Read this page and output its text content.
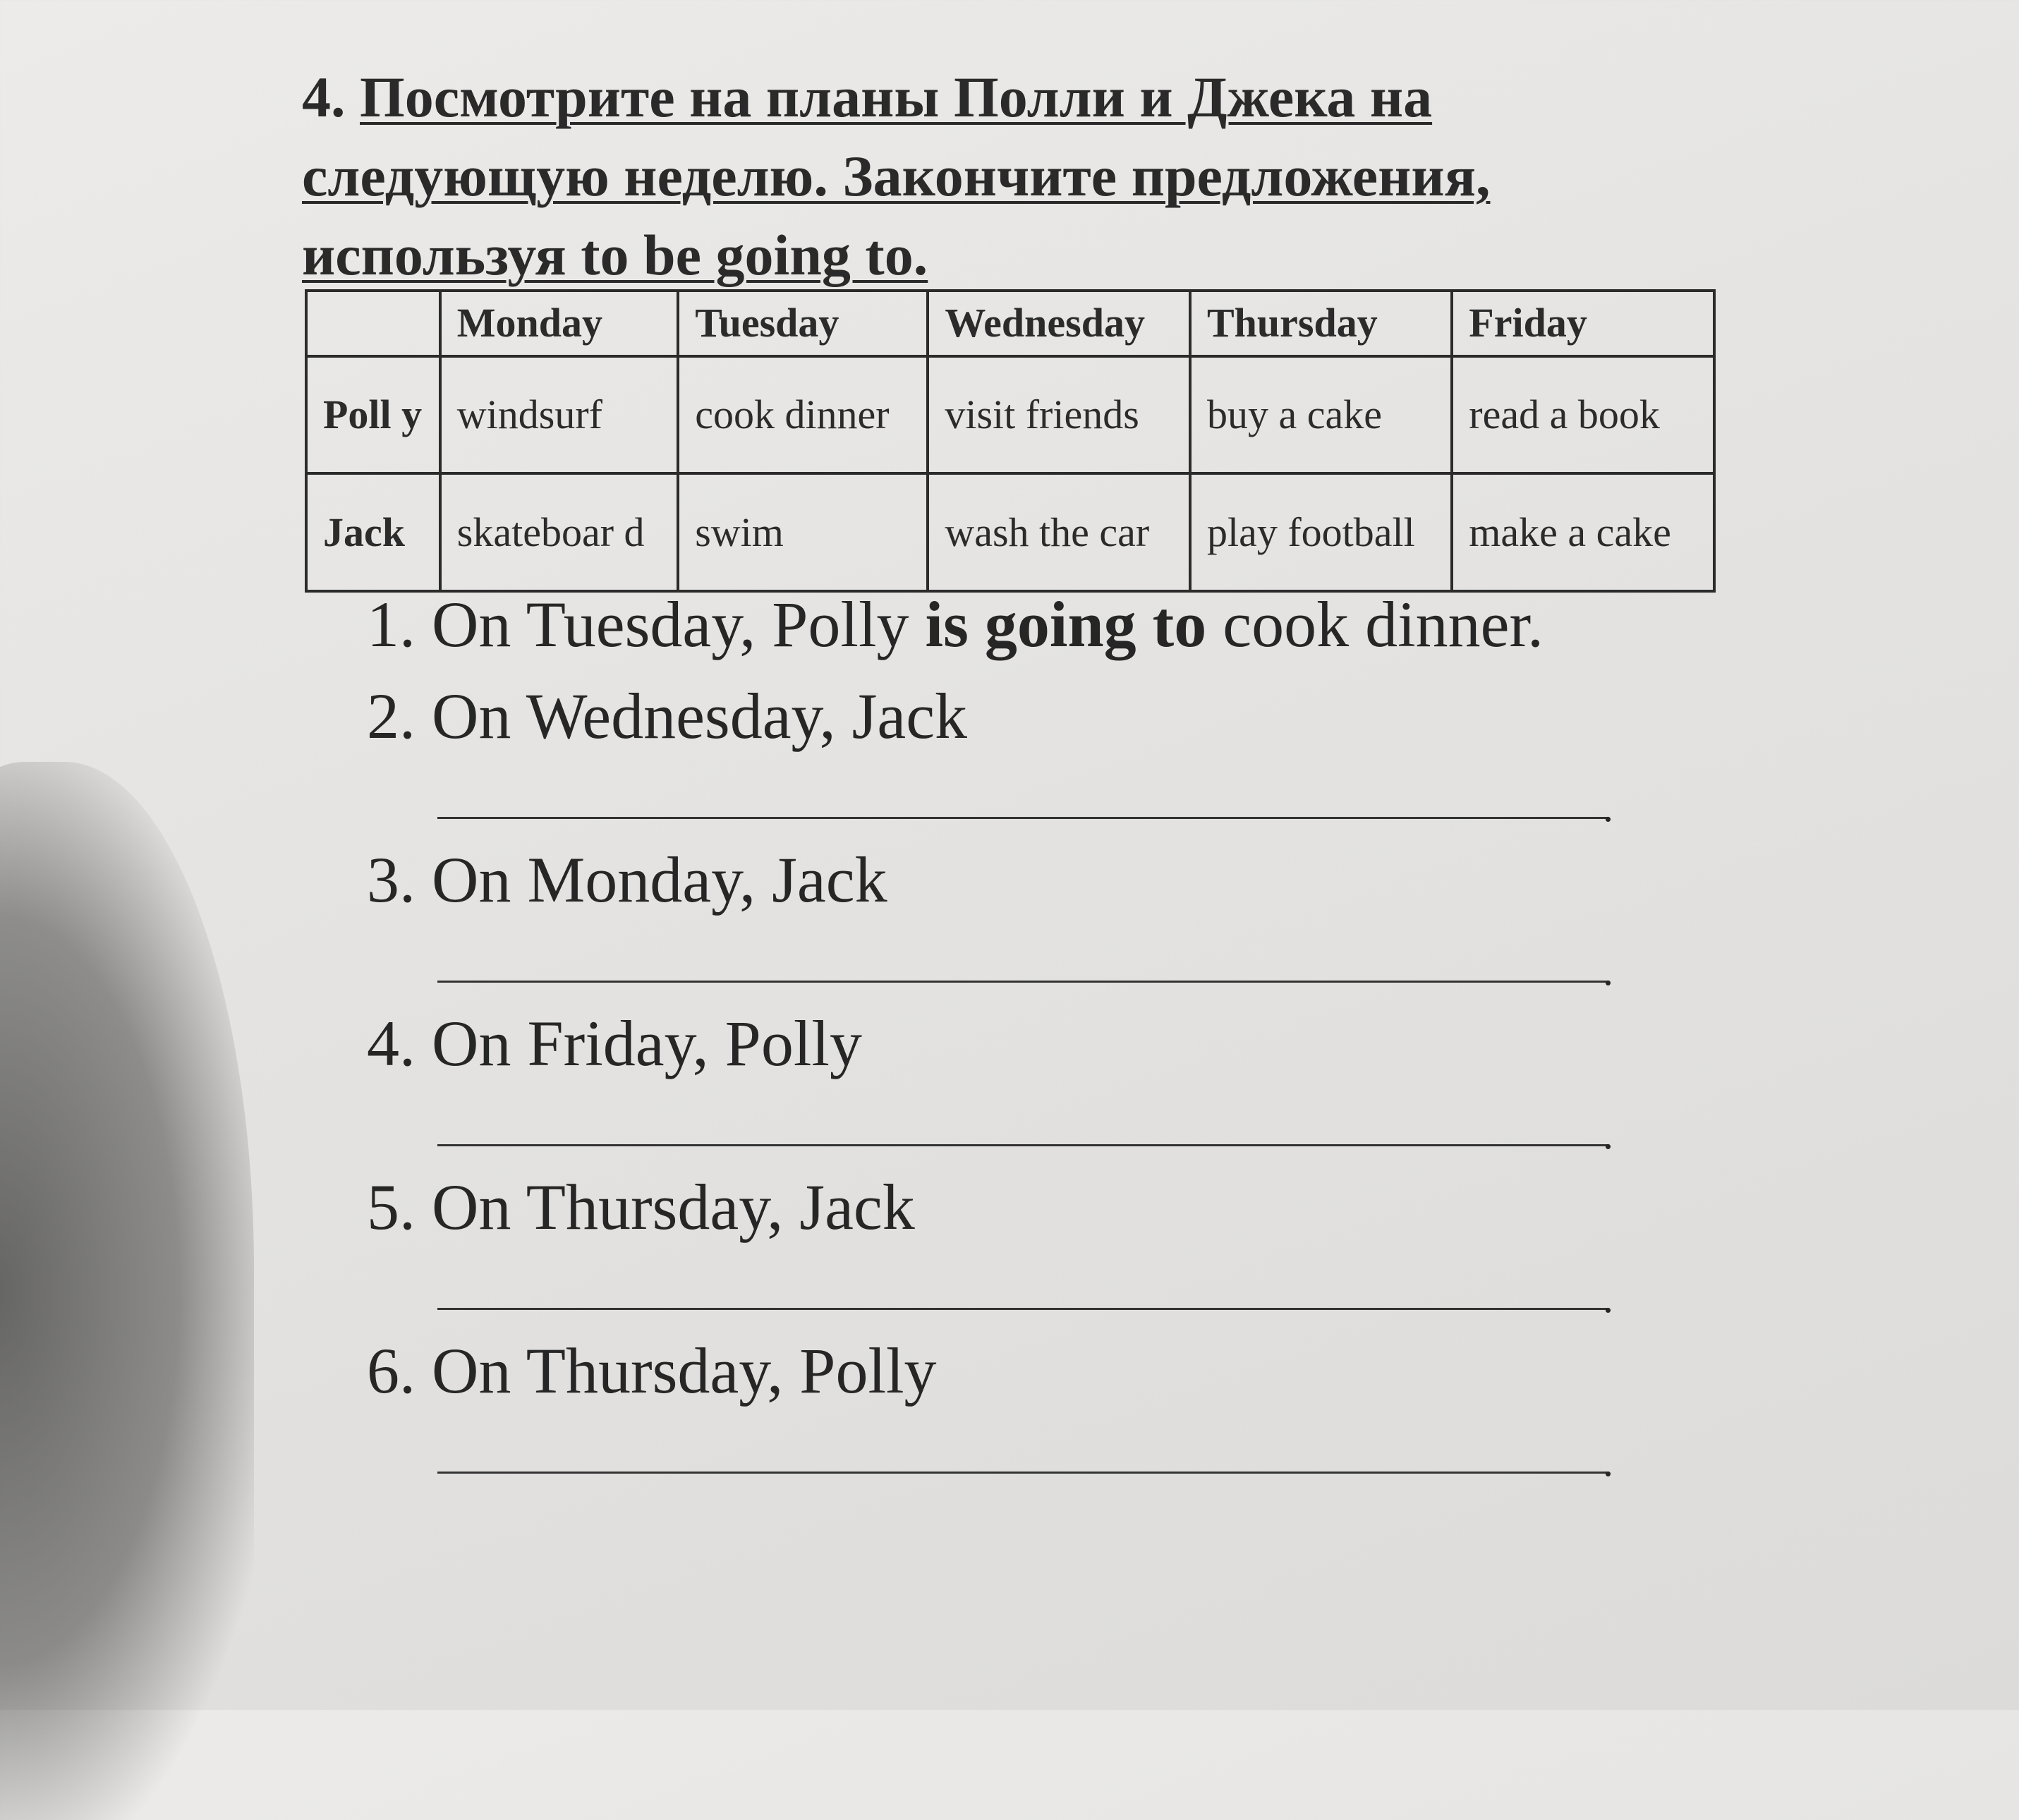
4. Посмотрите на планы Полли и Джека на
следующую неделю. Закончите предложения,
используя to be going to.
	Monday	Tuesday	Wednesday	Thursday	Friday
Poll y	windsurf	cook dinner	visit friends	buy a cake	read a book
Jack	skateboar d	swim	wash the car	play football	make a cake
1. On Tuesday, Polly is going to cook dinner.
2. On Wednesday, Jack
.
3. On Monday, Jack
.
4. On Friday, Polly
.
5. On Thursday, Jack
.
6. On Thursday, Polly
.
